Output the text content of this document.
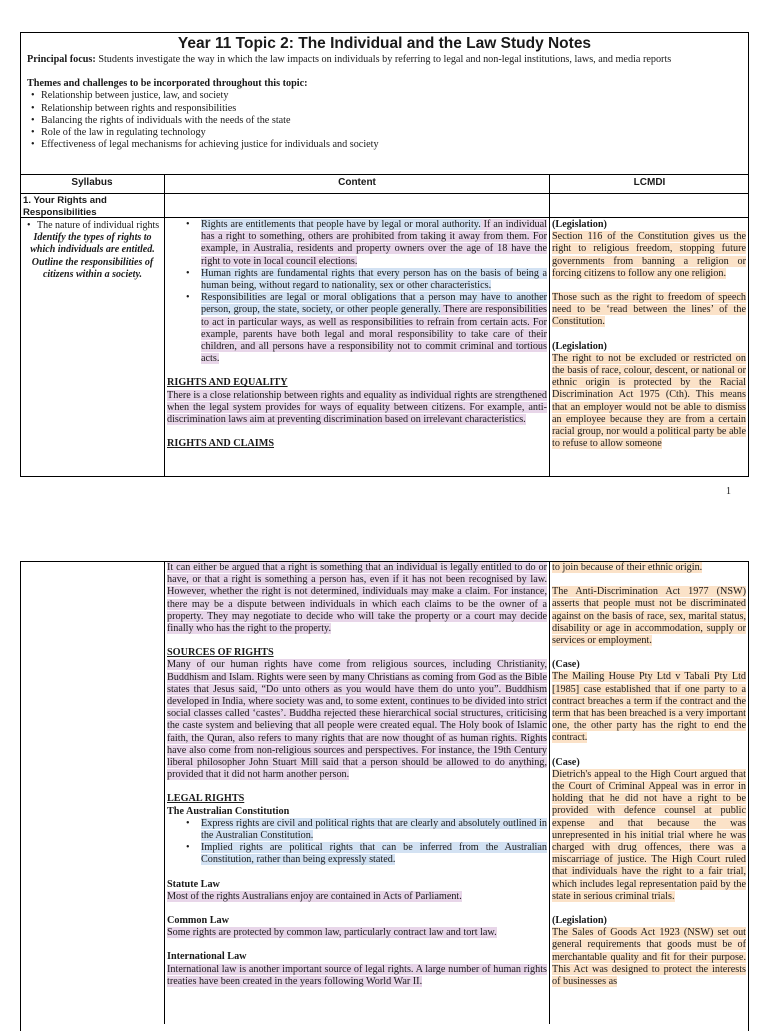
Year 11 Topic 2: The Individual and the Law Study Notes

Principal focus: Students investigate the way in which the law impacts on individuals by referring to legal and non-legal institutions, laws, and media reports

Themes and challenges to be incorporated throughout this topic:

• Relationship between justice, law, and society
• Relationship between rights and responsibilities
• Balancing the rights of individuals with the needs of the state
• Role of the law in regulating technology
• Effectiveness of legal mechanisms for achieving justice for individuals and society
Syllabus	Content	LCMDI

1. Your Rights and Responsibilities

• The nature of individual rights

Identify the types of rights to which individuals are entitled.

Outline the responsibilities of citizens within a society.

• Rights are entitlements that people have by legal or moral authority. If an individual has a right to something, others are prohibited from taking it away from them. For example, in Australia, residents and property owners over the age of 18 have the right to vote in local council elections.
• Human rights are fundamental rights that every person has on the basis of being a human being, without regard to nationality, sex or other characteristics.
• Responsibilities are legal or moral obligations that a person may have to another person, group, the state, society, or other people generally. There are responsibilities to act in particular ways, as well as responsibilities to refrain from certain acts. For example, parents have both legal and moral responsibility to take care of their children, and all persons have a responsibility not to commit criminal and tortious acts.

RIGHTS AND EQUALITY

There is a close relationship between rights and equality as individual rights are strengthened when the legal system provides for ways of equality between citizens. For example, anti-discrimination laws aim at preventing discrimination based on irrelevant characteristics.

RIGHTS AND CLAIMS

(Legislation)

Section 116 of the Constitution gives us the right to religious freedom, stopping future governments from banning a religion or forcing citizens to follow any one religion.

Those such as the right to freedom of speech need to be ‘read between the lines’ of the Constitution.

(Legislation)

The right to not be excluded or restricted on the basis of race, colour, descent, or national or ethnic origin is protected by the Racial Discrimination Act 1975 (Cth). This means that an employer would not be able to dismiss an employee because they are from a certain racial group, nor would a political party be able to refuse to allow someone

1

It can either be argued that a right is something that an individual is legally entitled to do or have, or that a right is something a person has, even if it has not been recognised by law. However, whether the right is not determined, individuals may make a claim. For instance, there may be a dispute between individuals in which each claims to be the owner of a property. They may negotiate to decide who will take the property or a court may decide finally who has the right to the property.

SOURCES OF RIGHTS

Many of our human rights have come from religious sources, including Christianity, Buddhism and Islam. Rights were seen by many Christians as coming from God as the Bible states that Jesus said, “Do unto others as you would have them do unto you”. Buddhism developed in India, where society was and, to some extent, continues to be divided into strict social classes called ‘castes’. Buddha rejected these hierarchical social structures, criticising the caste system and believing that all people were created equal. The Holy book of Islamic faith, the Quran, also refers to many rights that are now thought of as human rights. Rights have also come from non-religious sources and perspectives. For instance, the 19th Century liberal philosopher John Stuart Mill said that a person should be allowed to do anything, provided that it did not harm another person.

LEGAL RIGHTS

The Australian Constitution

• Express rights are civil and political rights that are clearly and absolutely outlined in the Australian Constitution.
• Implied rights are political rights that can be inferred from the Australian Constitution, rather than being expressly stated.

Statute Law

Most of the rights Australians enjoy are contained in Acts of Parliament.

Common Law

Some rights are protected by common law, particularly contract law and tort law.

International Law

International law is another important source of legal rights. A large number of human rights treaties have been created in the years following World War II.

to join because of their ethnic origin.

The Anti-Discrimination Act 1977 (NSW) asserts that people must not be discriminated against on the basis of race, sex, marital status, disability or age in accommodation, supply or services or employment.

(Case)

The Mailing House Pty Ltd v Tabali Pty Ltd [1985] case established that if one party to a contract breaches a term if the contract and the term that has been breached is a very important one, the other party has the right to end the contract.

(Case)

Dietrich's appeal to the High Court argued that the Court of Criminal Appeal was in error in holding that he did not have a right to be provided with defence counsel at public expense and that because the was unrepresented in his initial trial where he was charged with drug offences, there was a miscarriage of justice. The High Court ruled that individuals have the right to a fair trial, which includes legal representation paid by the state in serious criminal trials.

(Legislation)

The Sales of Goods Act 1923 (NSW) set out general requirements that goods must be of merchantable quality and fit for their purpose. This Act was designed to protect the interests of businesses as
